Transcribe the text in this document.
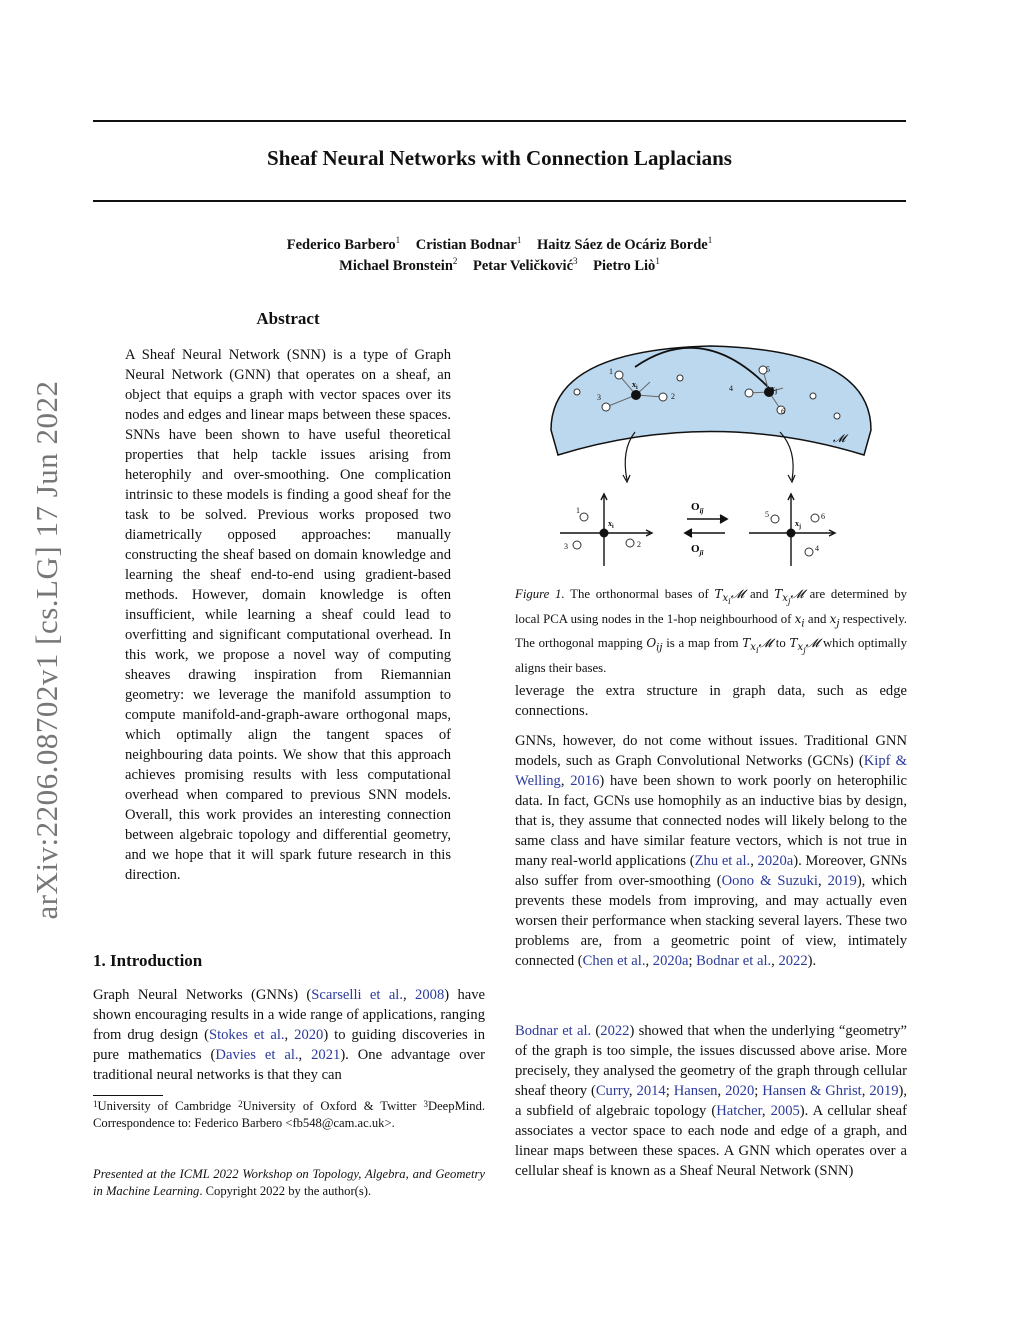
Sheaf Neural Networks with Connection Laplacians
Federico Barbero$^1$ Cristian Bodnar$^1$ Haitz Sáez de Ocáriz Borde$^1$
Michael Bronstein$^2$ Petar Veličković$^3$ Pietro Liò$^1$
arXiv:2206.08702v1 [cs.LG] 17 Jun 2022
Abstract
A Sheaf Neural Network (SNN) is a type of Graph Neural Network (GNN) that operates on a sheaf, an object that equips a graph with vector spaces over its nodes and edges and linear maps between these spaces. SNNs have been shown to have useful theoretical properties that help tackle issues arising from heterophily and over-smoothing. One complication intrinsic to these models is finding a good sheaf for the task to be solved. Previous works proposed two diametrically opposed approaches: manually constructing the sheaf based on domain knowledge and learning the sheaf end-to-end using gradient-based methods. However, domain knowledge is often insufficient, while learning a sheaf could lead to overfitting and significant computational overhead. In this work, we propose a novel way of computing sheaves drawing inspiration from Riemannian geometry: we leverage the manifold assumption to compute manifold-and-graph-aware orthogonal maps, which optimally align the tangent spaces of neighbouring data points. We show that this approach achieves promising results with less computational overhead when compared to previous SNN models. Overall, this work provides an interesting connection between algebraic topology and differential geometry, and we hope that it will spark future research in this direction.
1. Introduction
Graph Neural Networks (GNNs) (Scarselli et al., 2008) have shown encouraging results in a wide range of applications, ranging from drug design (Stokes et al., 2020) to guiding discoveries in pure mathematics (Davies et al., 2021). One advantage over traditional neural networks is that they can
$^1$University of Cambridge $^2$University of Oxford & Twitter $^3$DeepMind. Correspondence to: Federico Barbero <fb548@cam.ac.uk>.
Presented at the ICML 2022 Workshop on Topology, Algebra, and Geometry in Machine Learning. Copyright 2022 by the author(s).
𝓜
1
2
3
4
5
6
$x_i$	$x_j$
1
2
3
$x_i$
$O_{ij}$
$O_{ji}$
5	6
4
$x_j$
Figure 1. The orthonormal bases of $T_{x_i}𝓜$ and $T_{x_j}𝓜$ are determined by local PCA using nodes in the 1-hop neighbourhood of $x_i$ and $x_j$ respectively. The orthogonal mapping $O_{ij}$ is a map from $T_{x_i}𝓜$ to $T_{x_j}𝓜$ which optimally aligns their bases.
leverage the extra structure in graph data, such as edge connections.
GNNs, however, do not come without issues. Traditional GNN models, such as Graph Convolutional Networks (GCNs) (Kipf & Welling, 2016) have been shown to work poorly on heterophilic data. In fact, GCNs use homophily as an inductive bias by design, that is, they assume that connected nodes will likely belong to the same class and have similar feature vectors, which is not true in many real-world applications (Zhu et al., 2020a). Moreover, GNNs also suffer from over-smoothing (Oono & Suzuki, 2019), which prevents these models from improving, and may actually even worsen their performance when stacking several layers. These two problems are, from a geometric point of view, intimately connected (Chen et al., 2020a; Bodnar et al., 2022).
Bodnar et al. (2022) showed that when the underlying “geometry” of the graph is too simple, the issues discussed above arise. More precisely, they analysed the geometry of the graph through cellular sheaf theory (Curry, 2014; Hansen, 2020; Hansen & Ghrist, 2019), a subfield of algebraic topology (Hatcher, 2005). A cellular sheaf associates a vector space to each node and edge of a graph, and linear maps between these spaces. A GNN which operates over a cellular sheaf is known as a Sheaf Neural Network (SNN)
